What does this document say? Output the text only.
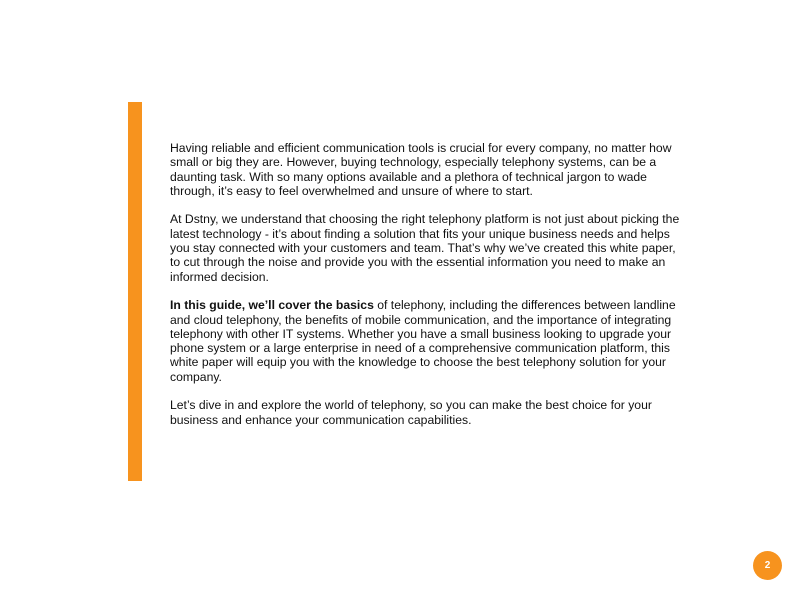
Having reliable and efficient communication tools is crucial for every company, no matter how small or big they are. However, buying technology, especially telephony systems, can be a daunting task. With so many options available and a plethora of technical jargon to wade through, it’s easy to feel overwhelmed and unsure of where to start.

At Dstny, we understand that choosing the right telephony platform is not just about picking the latest technology - it’s about finding a solution that fits your unique business needs and helps you stay connected with your customers and team. That’s why we’ve created this white paper, to cut through the noise and provide you with the essential information you need to make an informed decision.

In this guide, we’ll cover the basics of telephony, including the differences between landline and cloud telephony, the benefits of mobile communication, and the importance of integrating telephony with other IT systems. Whether you have a small business looking to upgrade your phone system or a large enterprise in need of a comprehensive communication platform, this white paper will equip you with the knowledge to choose the best telephony solution for your company.

Let’s dive in and explore the world of telephony, so you can make the best choice for your business and enhance your communication capabilities.

2
